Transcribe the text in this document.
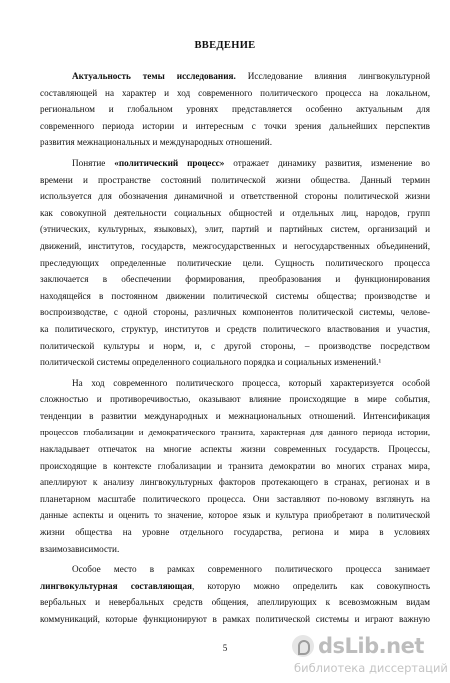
ВВЕДЕНИЕ

Актуальность темы исследования. Исследование влияния лингвокультурной
составляющей на характер и ход современного политического процесса на локальном,
региональном и глобальном уровнях представляется особенно актуальным для
современного периода истории и интересным с точки зрения дальнейших перспектив
развития межнациональных и международных отношений.

Понятие «политический процесс» отражает динамику развития, изменение во
времени и пространстве состояний политической жизни общества. Данный термин
используется для обозначения динамичной и ответственной стороны политической жизни
как совокупной деятельности социальных общностей и отдельных лиц, народов, групп
(этнических, культурных, языковых), элит, партий и партийных систем, организаций и
движений, институтов, государств, межгосударственных и негосударственных объединений,
преследующих определенные политические цели. Сущность политического процесса
заключается в обеспечении формирования, преобразования и функционирования
находящейся в постоянном движении политической системы общества; производстве и
воспроизводстве, с одной стороны, различных компонентов политической системы, челове-
ка политического, структур, институтов и средств политического властвования и участия,
политической культуры и норм, и, с другой стороны, – производстве посредством
политической системы определенного социального порядка и социальных изменений.¹

На ход современного политического процесса, который характеризуется особой
сложностью и противоречивостью, оказывают влияние происходящие в мире события,
тенденции в развитии международных и межнациональных отношений. Интенсификация
процессов глобализации и демократического транзита, характерная для данного периода истории,
накладывает отпечаток на многие аспекты жизни современных государств. Процессы,
происходящие в контексте глобализации и транзита демократии во многих странах мира,
апеллируют к анализу лингвокультурных факторов протекающего в странах, регионах и в
планетарном масштабе политического процесса. Они заставляют по-новому взглянуть на
данные аспекты и оценить то значение, которое язык и культура приобретают в политической
жизни общества на уровне отдельного государства, региона и мира в условиях
взаимозависимости.

Особое место в рамках современного политического процесса занимает
лингвокультурная составляющая, которую можно определить как совокупность
вербальных и невербальных средств общения, апеллирующих к всевозможным видам
коммуникаций, которые функционируют в рамках политической системы и играют важную

5	dsLib.net
библиотека диссертаций
